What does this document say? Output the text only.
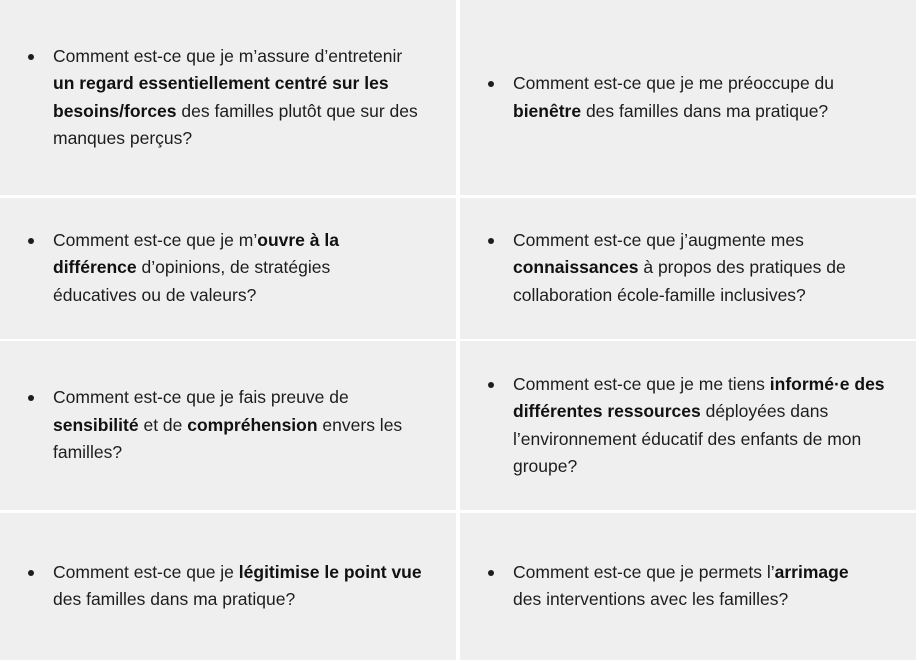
Comment est-ce que je m’assure d’entretenir un regard essentiellement centré sur les besoins/forces des familles plutôt que sur des manques perçus?
Comment est-ce que je me préoccupe du bienêtre des familles dans ma pratique?
Comment est-ce que je m’ouvre à la différence d’opinions, de stratégies éducatives ou de valeurs?
Comment est-ce que j’augmente mes connaissances à propos des pratiques de collaboration école-famille inclusives?
Comment est-ce que je fais preuve de sensibilité et de compréhension envers les familles?
Comment est-ce que je me tiens informé·e des différentes ressources déployées dans l’environnement éducatif des enfants de mon groupe?
Comment est-ce que je légitimise le point vue des familles dans ma pratique?
Comment est-ce que je permets l’arrimage des interventions avec les familles?
